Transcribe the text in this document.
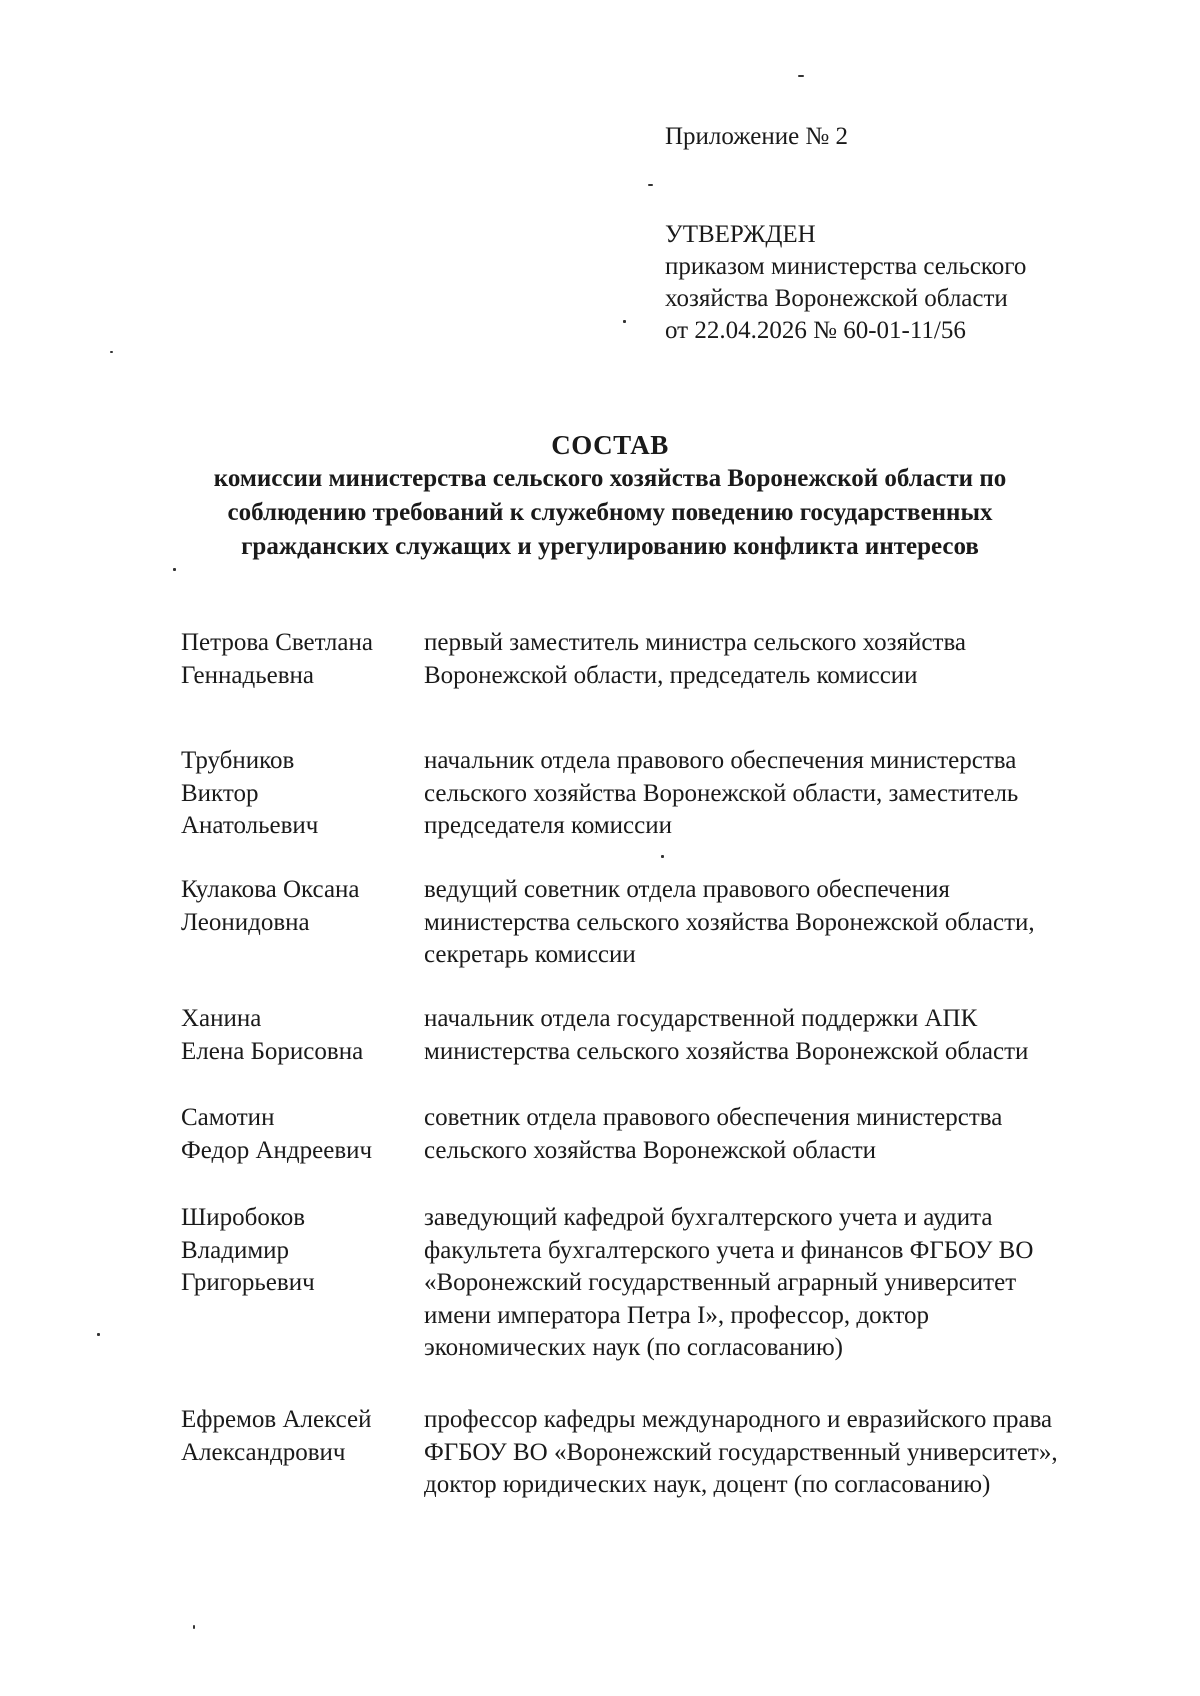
Приложение № 2
УТВЕРЖДЕН
приказом министерства сельского
хозяйства Воронежской области
от 22.04.2026 № 60-01-11/56
СОСТАВ
комиссии министерства сельского хозяйства Воронежской области по
соблюдению требований к служебному поведению государственных
гражданских служащих и урегулированию конфликта интересов
Петрова Светлана
Геннадьевна
первый заместитель министра сельского хозяйства
Воронежской области, председатель комиссии
Трубников
Виктор
Анатольевич
начальник отдела правового обеспечения министерства
сельского хозяйства Воронежской области, заместитель
председателя комиссии
Кулакова Оксана
Леонидовна
ведущий советник отдела правового обеспечения
министерства сельского хозяйства Воронежской области,
секретарь комиссии
Ханина
Елена Борисовна
начальник отдела государственной поддержки АПК
министерства сельского хозяйства Воронежской области
Самотин
Федор Андреевич
советник отдела правового обеспечения министерства
сельского хозяйства Воронежской области
Широбоков
Владимир
Григорьевич
заведующий кафедрой бухгалтерского учета и аудита
факультета бухгалтерского учета и финансов ФГБОУ ВО
«Воронежский государственный аграрный университет
имени императора Петра I», профессор, доктор
экономических наук (по согласованию)
Ефремов Алексей
Александрович
профессор кафедры международного и евразийского права
ФГБОУ ВО «Воронежский государственный университет»,
доктор юридических наук, доцент (по согласованию)
